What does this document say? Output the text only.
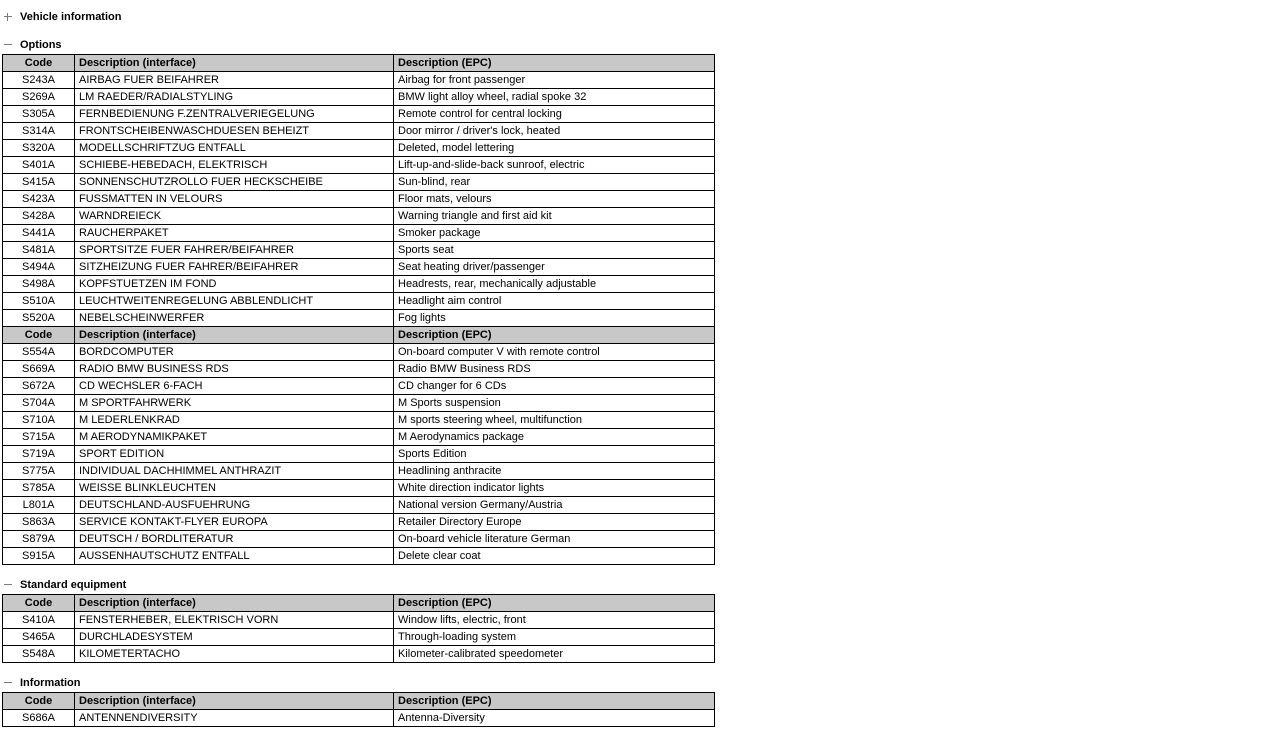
Vehicle information
Options
Code	Description (interface)	Description (EPC)
S243A	AIRBAG FUER BEIFAHRER	Airbag for front passenger
S269A	LM RAEDER/RADIALSTYLING	BMW light alloy wheel, radial spoke 32
S305A	FERNBEDIENUNG F.ZENTRALVERIEGELUNG	Remote control for central locking
S314A	FRONTSCHEIBENWASCHDUESEN BEHEIZT	Door mirror / driver's lock, heated
S320A	MODELLSCHRIFTZUG ENTFALL	Deleted, model lettering
S401A	SCHIEBE-HEBEDACH, ELEKTRISCH	Lift-up-and-slide-back sunroof, electric
S415A	SONNENSCHUTZROLLO FUER HECKSCHEIBE	Sun-blind, rear
S423A	FUSSMATTEN IN VELOURS	Floor mats, velours
S428A	WARNDREIECK	Warning triangle and first aid kit
S441A	RAUCHERPAKET	Smoker package
S481A	SPORTSITZE FUER FAHRER/BEIFAHRER	Sports seat
S494A	SITZHEIZUNG FUER FAHRER/BEIFAHRER	Seat heating driver/passenger
S498A	KOPFSTUETZEN IM FOND	Headrests, rear, mechanically adjustable
S510A	LEUCHTWEITENREGELUNG ABBLENDLICHT	Headlight aim control
S520A	NEBELSCHEINWERFER	Fog lights
Code	Description (interface)	Description (EPC)
S554A	BORDCOMPUTER	On-board computer V with remote control
S669A	RADIO BMW BUSINESS RDS	Radio BMW Business RDS
S672A	CD WECHSLER 6-FACH	CD changer for 6 CDs
S704A	M SPORTFAHRWERK	M Sports suspension
S710A	M LEDERLENKRAD	M sports steering wheel, multifunction
S715A	M AERODYNAMIKPAKET	M Aerodynamics package
S719A	SPORT EDITION	Sports Edition
S775A	INDIVIDUAL DACHHIMMEL ANTHRAZIT	Headlining anthracite
S785A	WEISSE BLINKLEUCHTEN	White direction indicator lights
L801A	DEUTSCHLAND-AUSFUEHRUNG	National version Germany/Austria
S863A	SERVICE KONTAKT-FLYER EUROPA	Retailer Directory Europe
S879A	DEUTSCH / BORDLITERATUR	On-board vehicle literature German
S915A	AUSSENHAUTSCHUTZ ENTFALL	Delete clear coat
Standard equipment
Code	Description (interface)	Description (EPC)
S410A	FENSTERHEBER, ELEKTRISCH VORN	Window lifts, electric, front
S465A	DURCHLADESYSTEM	Through-loading system
S548A	KILOMETERTACHO	Kilometer-calibrated speedometer
Information
Code	Description (interface)	Description (EPC)
S686A	ANTENNENDIVERSITY	Antenna-Diversity
